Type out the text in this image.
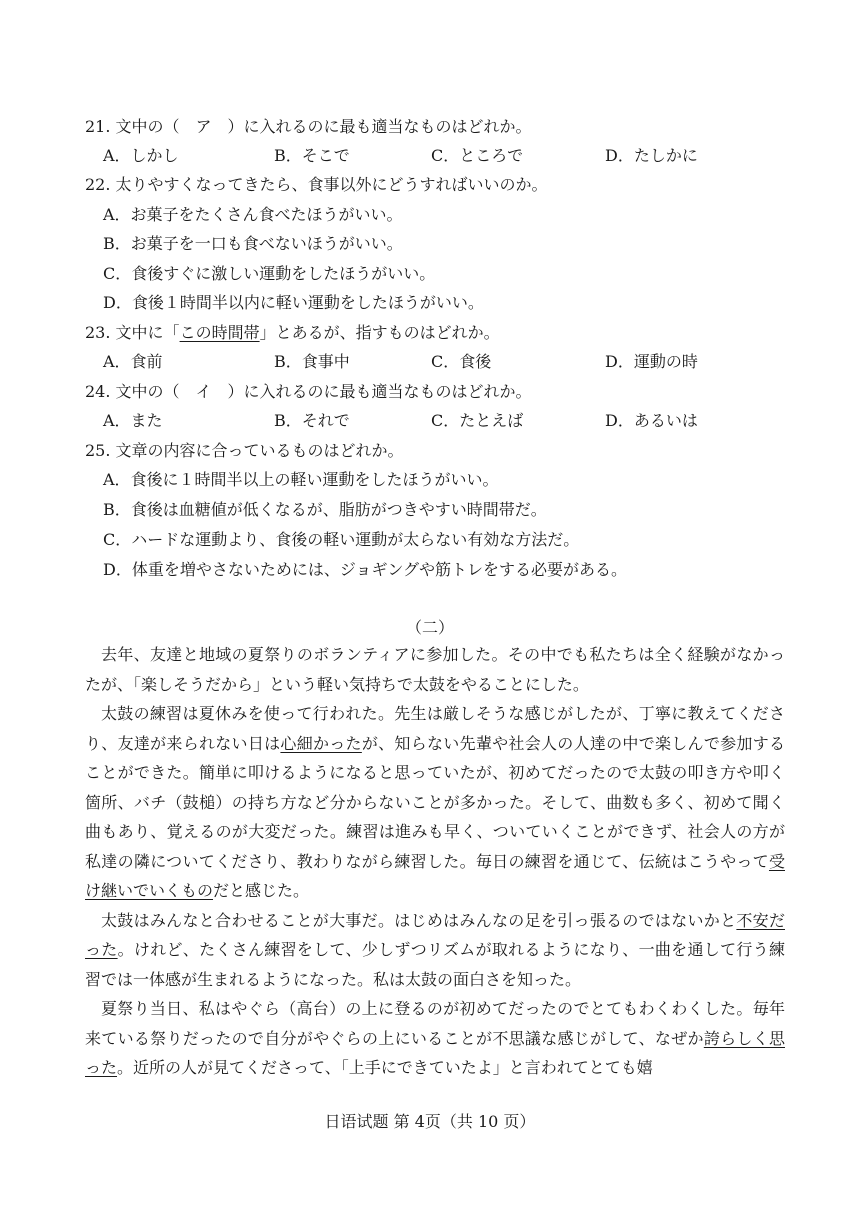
21. 文中の（　ア　）に入れるのに最も適当なものはどれか。
A．しかし	B．そこで	C．ところで	D．たしかに
22. 太りやすくなってきたら、食事以外にどうすればいいのか。
A．お菓子をたくさん食べたほうがいい。
B．お菓子を一口も食べないほうがいい。
C．食後すぐに激しい運動をしたほうがいい。
D．食後１時間半以内に軽い運動をしたほうがいい。
23. 文中に「この時間帯」とあるが、指すものはどれか。
A．食前	B．食事中	C．食後	D．運動の時
24. 文中の（　イ　）に入れるのに最も適当なものはどれか。
A．また	B．それで	C．たとえば	D．あるいは
25. 文章の内容に合っているものはどれか。
A．食後に１時間半以上の軽い運動をしたほうがいい。
B．食後は血糖値が低くなるが、脂肪がつきやすい時間帯だ。
C．ハードな運動より、食後の軽い運動が太らない有効な方法だ。
D．体重を増やさないためには、ジョギングや筋トレをする必要がある。
（二）

去年、友達と地域の夏祭りのボランティアに参加した。その中でも私たちは全く経験がなかったが、「楽しそうだから」という軽い気持ちで太鼓をやることにした。

太鼓の練習は夏休みを使って行われた。先生は厳しそうな感じがしたが、丁寧に教えてくださり、友達が来られない日は心細かったが、知らない先輩や社会人の人達の中で楽しんで参加することができた。簡単に叩けるようになると思っていたが、初めてだったので太鼓の叩き方や叩く箇所、バチ（鼓槌）の持ち方など分からないことが多かった。そして、曲数も多く、初めて聞く曲もあり、覚えるのが大変だった。練習は進みも早く、ついていくことができず、社会人の方が私達の隣についてくださり、教わりながら練習した。毎日の練習を通じて、伝統はこうやって受け継いでいくものだと感じた。

太鼓はみんなと合わせることが大事だ。はじめはみんなの足を引っ張るのではないかと不安だった。けれど、たくさん練習をして、少しずつリズムが取れるようになり、一曲を通して行う練習では一体感が生まれるようになった。私は太鼓の面白さを知った。

夏祭り当日、私はやぐら（高台）の上に登るのが初めてだったのでとてもわくわくした。毎年来ている祭りだったので自分がやぐらの上にいることが不思議な感じがして、なぜか誇らしく思った。近所の人が見てくださって、「上手にできていたよ」と言われてとても嬉

日语试题 第 4页（共 10 页）
